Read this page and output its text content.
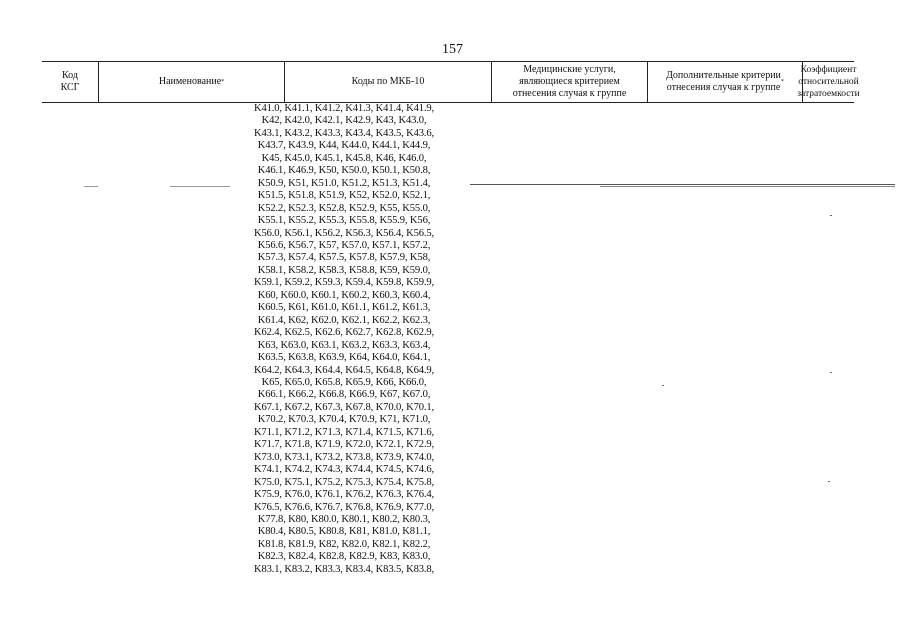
157
Код
КСГ
Наименование *	Коды по МКБ-10
Медицинские услуги,
являющиеся критерием
отнесения случая к группе
Дополнительные критерии
отнесения случая к группе *
Коэффициент
относительной
затратоемкости
K41.0, K41.1, K41.2, K41.3, K41.4, K41.9,
K42, K42.0, K42.1, K42.9, K43, K43.0,
K43.1, K43.2, K43.3, K43.4, K43.5, K43.6,
K43.7, K43.9, K44, K44.0, K44.1, K44.9,
K45, K45.0, K45.1, K45.8, K46, K46.0,
K46.1, K46.9, K50, K50.0, K50.1, K50.8,
K50.9, K51, K51.0, K51.2, K51.3, K51.4,
K51.5, K51.8, K51.9, K52, K52.0, K52.1,
K52.2, K52.3, K52.8, K52.9, K55, K55.0,
K55.1, K55.2, K55.3, K55.8, K55.9, K56,
K56.0, K56.1, K56.2, K56.3, K56.4, K56.5,
K56.6, K56.7, K57, K57.0, K57.1, K57.2,
K57.3, K57.4, K57.5, K57.8, K57.9, K58,
K58.1, K58.2, K58.3, K58.8, K59, K59.0,
K59.1, K59.2, K59.3, K59.4, K59.8, K59.9,
K60, K60.0, K60.1, K60.2, K60.3, K60.4,
K60.5, K61, K61.0, K61.1, K61.2, K61.3,
K61.4, K62, K62.0, K62.1, K62.2, K62.3,
K62.4, K62.5, K62.6, K62.7, K62.8, K62.9,
K63, K63.0, K63.1, K63.2, K63.3, K63.4,
K63.5, K63.8, K63.9, K64, K64.0, K64.1,
K64.2, K64.3, K64.4, K64.5, K64.8, K64.9,
K65, K65.0, K65.8, K65.9, K66, K66.0,
K66.1, K66.2, K66.8, K66.9, K67, K67.0,
K67.1, K67.2, K67.3, K67.8, K70.0, K70.1,
K70.2, K70.3, K70.4, K70.9, K71, K71.0,
K71.1, K71.2, K71.3, K71.4, K71.5, K71.6,
K71.7, K71.8, K71.9, K72.0, K72.1, K72.9,
K73.0, K73.1, K73.2, K73.8, K73.9, K74.0,
K74.1, K74.2, K74.3, K74.4, K74.5, K74.6,
K75.0, K75.1, K75.2, K75.3, K75.4, K75.8,
K75.9, K76.0, K76.1, K76.2, K76.3, K76.4,
K76.5, K76.6, K76.7, K76.8, K76.9, K77.0,
K77.8, K80, K80.0, K80.1, K80.2, K80.3,
K80.4, K80.5, K80.8, K81, K81.0, K81.1,
K81.8, K81.9, K82, K82.0, K82.1, K82.2,
K82.3, K82.4, K82.8, K82.9, K83, K83.0,
K83.1, K83.2, K83.3, K83.4, K83.5, K83.8,
